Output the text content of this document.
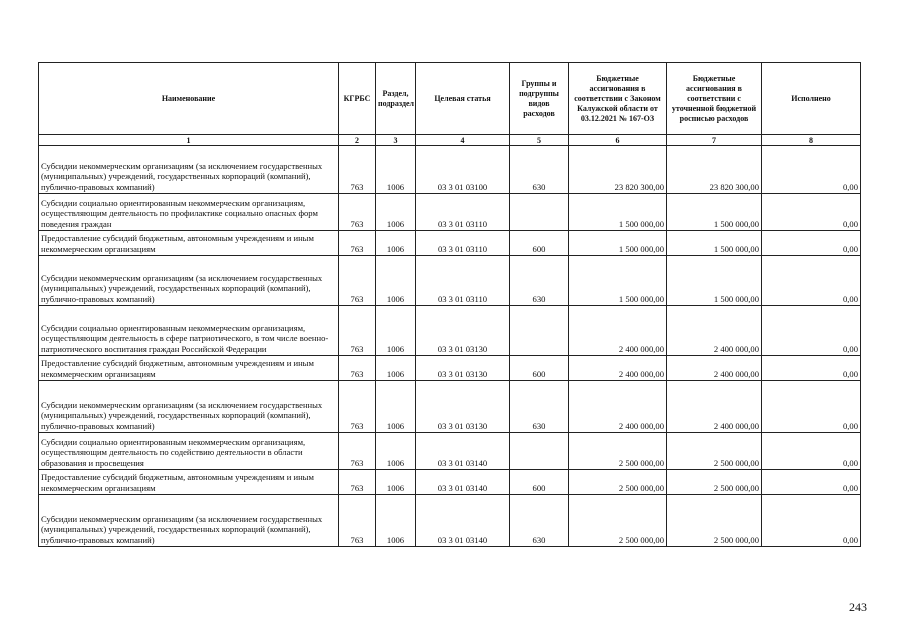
Наименование	КГРБС	Раздел, подраздел	Целевая статья	Группы и подгруппы видов расходов	Бюджетные ассигнования в соответствии с Законом Калужской области от 03.12.2021 № 167-ОЗ	Бюджетные ассигнования в соответствии с уточненной бюджетной росписью расходов	Исполнено
1	2	3	4	5	6	7	8
Субсидии некоммерческим организациям (за исключением государственных (муниципальных) учреждений, государственных корпораций (компаний), публично-правовых компаний)	763	1006	03 3 01 03100	630	23 820 300,00	23 820 300,00	0,00
Субсидии социально ориентированным некоммерческим организациям, осуществляющим деятельность по профилактике социально опасных форм поведения граждан	763	1006	03 3 01 03110		1 500 000,00	1 500 000,00	0,00
Предоставление субсидий бюджетным, автономным учреждениям и иным некоммерческим организациям	763	1006	03 3 01 03110	600	1 500 000,00	1 500 000,00	0,00
Субсидии некоммерческим организациям (за исключением государственных (муниципальных) учреждений, государственных корпораций (компаний), публично-правовых компаний)	763	1006	03 3 01 03110	630	1 500 000,00	1 500 000,00	0,00
Субсидии социально ориентированным некоммерческим организациям, осуществляющим деятельность в сфере патриотического, в том числе военно-патриотического воспитания граждан Российской Федерации	763	1006	03 3 01 03130		2 400 000,00	2 400 000,00	0,00
Предоставление субсидий бюджетным, автономным учреждениям и иным некоммерческим организациям	763	1006	03 3 01 03130	600	2 400 000,00	2 400 000,00	0,00
Субсидии некоммерческим организациям (за исключением государственных (муниципальных) учреждений, государственных корпораций (компаний), публично-правовых компаний)	763	1006	03 3 01 03130	630	2 400 000,00	2 400 000,00	0,00
Субсидии социально ориентированным некоммерческим организациям, осуществляющим деятельность по содействию деятельности в области образования и просвещения	763	1006	03 3 01 03140		2 500 000,00	2 500 000,00	0,00
Предоставление субсидий бюджетным, автономным учреждениям и иным некоммерческим организациям	763	1006	03 3 01 03140	600	2 500 000,00	2 500 000,00	0,00
Субсидии некоммерческим организациям (за исключением государственных (муниципальных) учреждений, государственных корпораций (компаний), публично-правовых компаний)	763	1006	03 3 01 03140	630	2 500 000,00	2 500 000,00	0,00
243
